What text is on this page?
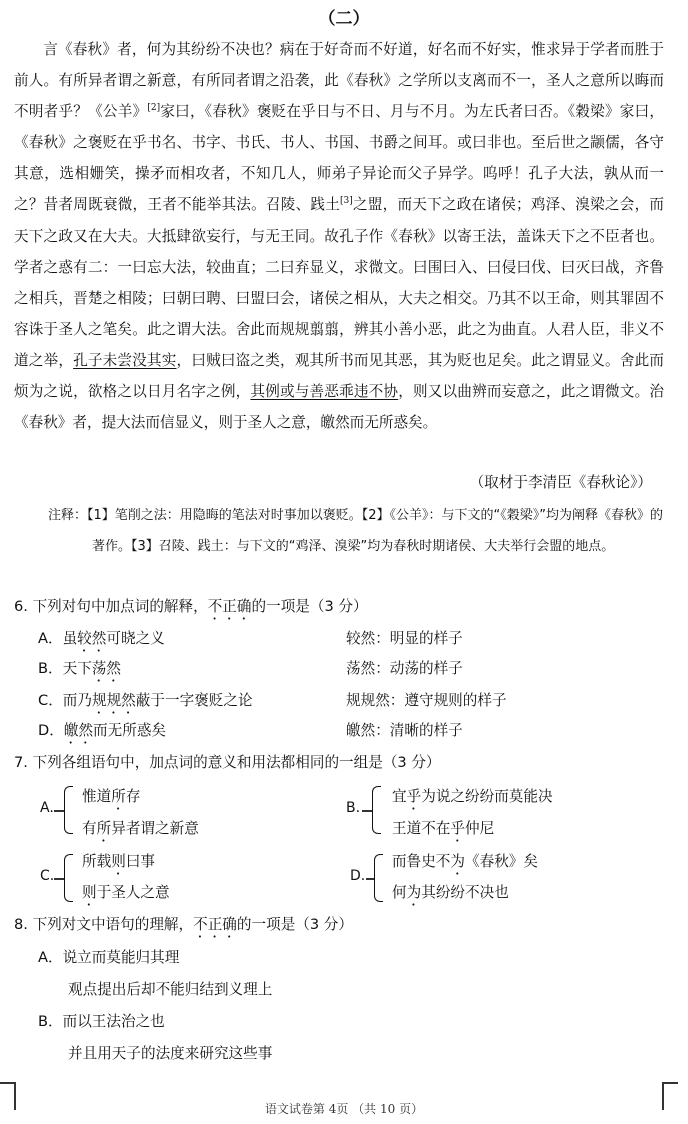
（二）

言《春秋》者，何为其纷纷不决也？病在于好奇而不好道，好名而不好实，惟求异于学者而胜于前人。有所异者谓之新意，有所同者谓之沿袭，此《春秋》之学所以支离而不一，圣人之意所以晦而不明者乎？《公羊》[2]家曰，《春秋》褒贬在乎日与不日、月与不月。为左氏者曰否。《穀梁》家曰，《春秋》之褒贬在乎书名、书字、书氏、书人、书国、书爵之间耳。或曰非也。至后世之颛儒，各守其意，选相姗笑，操矛而相攻者，不知几人，师弟子异论而父子异学。呜呼！孔子大法，孰从而一之？昔者周既衰微，王者不能举其法。召陵、践土[3]之盟，而天下之政在诸侯；鸡泽、溴梁之会，而天下之政又在大夫。大抵肆欲妄行，与无王同。故孔子作《春秋》以寄王法，盖诛天下之不臣者也。学者之惑有二：一曰忘大法，较曲直；二曰弃显义，求微文。曰围曰入、曰侵曰伐、曰灭曰战，齐鲁之相兵，晋楚之相陵；曰朝曰聘、曰盟曰会，诸侯之相从，大夫之相交。乃其不以王命，则其罪固不容诛于圣人之笔矣。此之谓大法。舍此而规规翦翦，辨其小善小恶，此之为曲直。人君人臣，非义不道之举，孔子未尝没其实，曰贼曰盗之类，观其所书而见其恶，其为贬也足矣。此之谓显义。舍此而烦为之说，欲格之以日月名字之例，其例或与善恶乖违不协，则又以曲辨而妄意之，此之谓微文。治《春秋》者，提大法而信显义，则于圣人之意，皦然而无所惑矣。

（取材于李清臣《春秋论》）

注释：【1】笔削之法：用隐晦的笔法对时事加以褒贬。【2】《公羊》：与下文的“《穀梁》”均为阐释《春秋》的著作。【3】召陵、践土：与下文的“鸡泽、溴梁”均为春秋时期诸侯、大夫举行会盟的地点。

6. 下列对句中加点词的解释，不正确的一项是（3 分）
A．虽较然可晓之义	较然：明显的样子
B．天下荡然	荡然：动荡的样子
C．而乃规规然蔽于一字褒贬之论	规规然：遵守规则的样子
D．皦然而无所惑矣	皦然：清晰的样子
7. 下列各组语句中，加点词的意义和用法都相同的一组是（3 分）
A.
惟道所存
有所异者谓之新意
B.
宜乎为说之纷纷而莫能决
王道不在乎仲尼
C.
所载则曰事
则于圣人之意
D.
而鲁史不为《春秋》矣
何为其纷纷不决也
8. 下列对文中语句的理解，不正确的一项是（3 分）
A．说立而莫能归其理
观点提出后却不能归结到义理上
B．而以王法治之也
并且用天子的法度来研究这些事
语文试卷第 4页 （共 10 页）
